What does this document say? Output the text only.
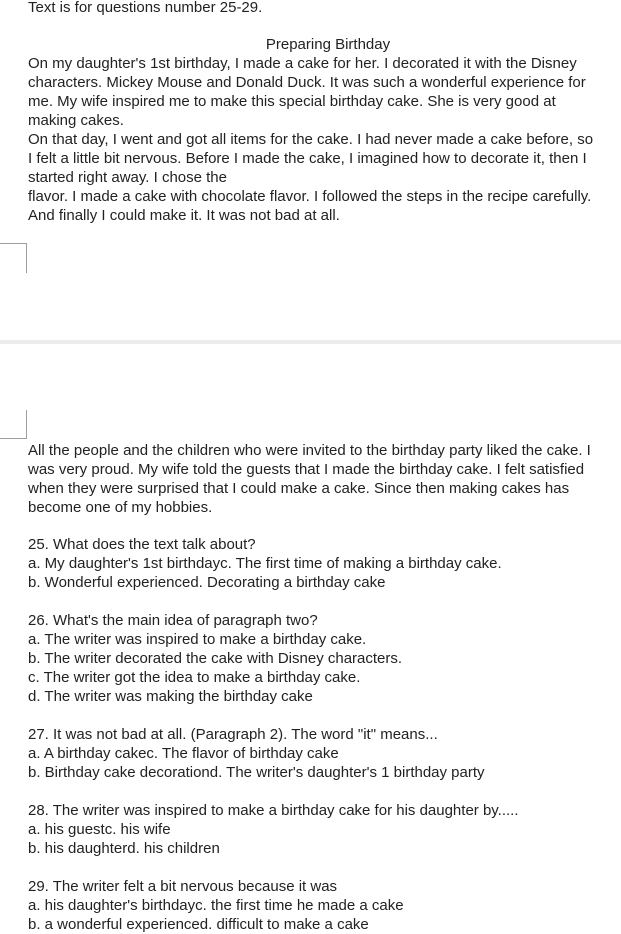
Text is for questions number 25-29.
Preparing Birthday
On my daughter's 1st birthday, I made a cake for her. I decorated it with the Disney
characters. Mickey Mouse and Donald Duck. It was such a wonderful experience for
me. My wife inspired me to make this special birthday cake. She is very good at
making cakes.
On that day, I went and got all items for the cake. I had never made a cake before, so
I felt a little bit nervous. Before I made the cake, I imagined how to decorate it, then I
started right away. I chose the
flavor. I made a cake with chocolate flavor. I followed the steps in the recipe carefully.
And finally I could make it. It was not bad at all.
All the people and the children who were invited to the birthday party liked the cake. I
was very proud. My wife told the guests that I made the birthday cake. I felt satisfied
when they were surprised that I could make a cake. Since then making cakes has
become one of my hobbies.
25. What does the text talk about?
a. My daughter's 1st birthdayc. The first time of making a birthday cake.
b. Wonderful experienced. Decorating a birthday cake
26. What's the main idea of paragraph two?
a. The writer was inspired to make a birthday cake.
b. The writer decorated the cake with Disney characters.
c. The writer got the idea to make a birthday cake.
d. The writer was making the birthday cake
27. It was not bad at all. (Paragraph 2). The word "it" means...
a. A birthday cakec. The flavor of birthday cake
b. Birthday cake decorationd. The writer's daughter's 1 birthday party
28. The writer was inspired to make a birthday cake for his daughter by.....
a. his guestc. his wife
b. his daughterd. his children
29. The writer felt a bit nervous because it was
a. his daughter's birthdayc. the first time he made a cake
b. a wonderful experienced. difficult to make a cake
